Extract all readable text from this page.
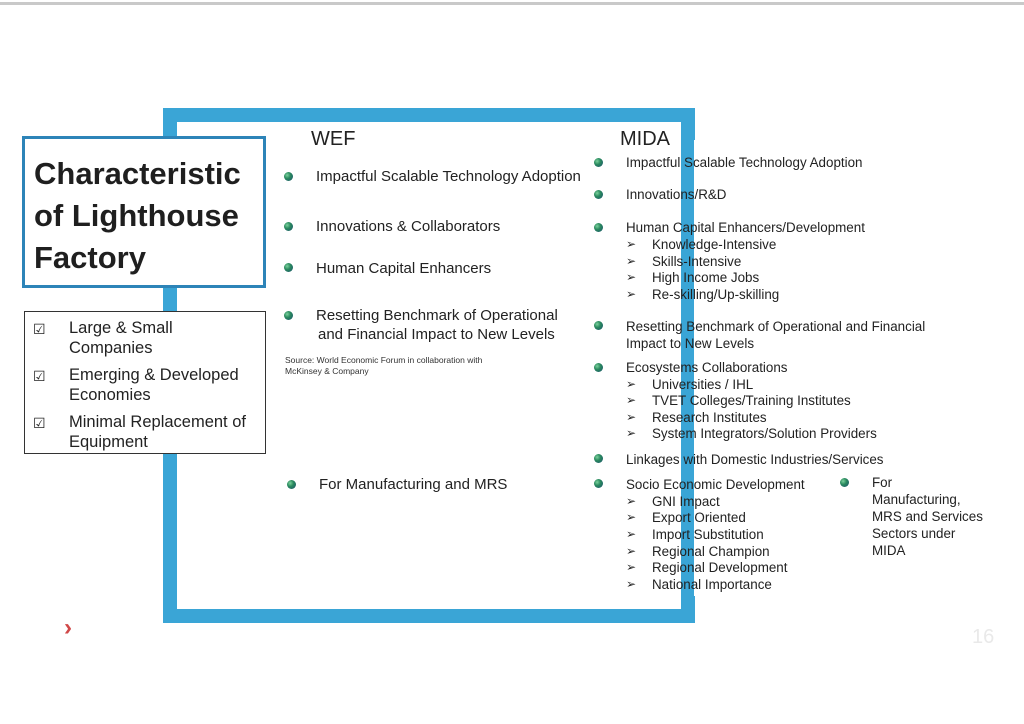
Characteristic
of Lighthouse
Factory
☑ Large & Small
Companies
☑ Emerging & Developed
Economies
☑ Minimal Replacement of
Equipment
WEF
Impactful Scalable Technology Adoption
Innovations & Collaborators
Human Capital Enhancers
Resetting Benchmark of Operational
and Financial Impact to New Levels
Source: World Economic Forum in collaboration with
McKinsey & Company
For Manufacturing and MRS
MIDA
Impactful Scalable Technology Adoption
Innovations/R&D
Human Capital Enhancers/Development
➢ Knowledge-Intensive
➢ Skills-Intensive
➢ High Income Jobs
➢ Re-skilling/Up-skilling
Resetting Benchmark of Operational and Financial
Impact to New Levels
Ecosystems Collaborations
➢ Universities / IHL
➢ TVET Colleges/Training Institutes
➢ Research Institutes
➢ System Integrators/Solution Providers
Linkages with Domestic Industries/Services
Socio Economic Development
➢ GNI Impact
➢ Export Oriented
➢ Import Substitution
➢ Regional Champion
➢ Regional Development
➢ National Importance
For
Manufacturing,
MRS and Services
Sectors under
MIDA
›	16
